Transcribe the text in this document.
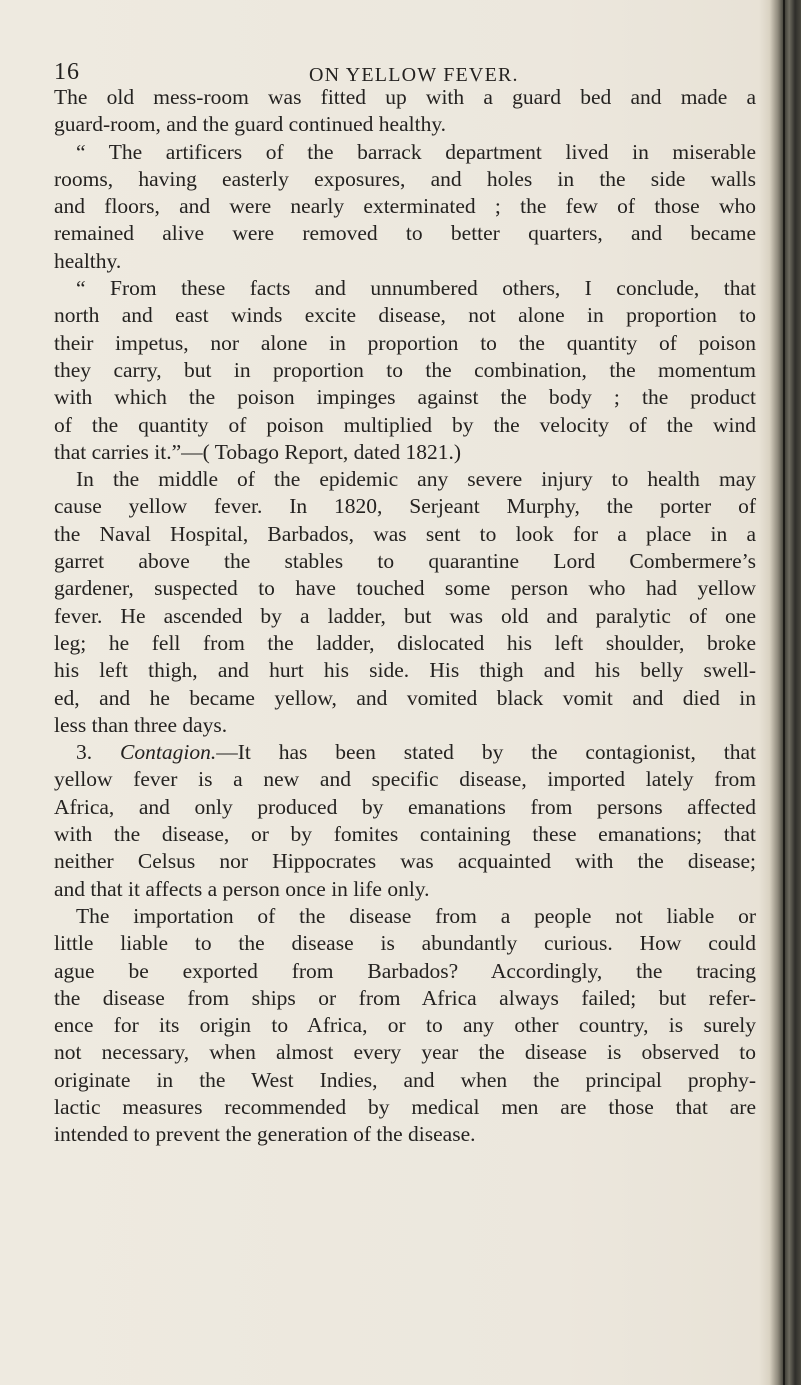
16	ON YELLOW FEVER.
The old mess-room was fitted up with a guard bed and made a
guard-room, and the guard continued healthy.
“ The artificers of the barrack department lived in miserable
rooms, having easterly exposures, and holes in the side walls
and floors, and were nearly exterminated ; the few of those who
remained alive were removed to better quarters, and became
healthy.
“ From these facts and unnumbered others, I conclude, that
north and east winds excite disease, not alone in proportion to
their impetus, nor alone in proportion to the quantity of poison
they carry, but in proportion to the combination, the momentum
with which the poison impinges against the body ; the product
of the quantity of poison multiplied by the velocity of the wind
that carries it.”—( Tobago Report, dated 1821.)
In the middle of the epidemic any severe injury to health may
cause yellow fever. In 1820, Serjeant Murphy, the porter of
the Naval Hospital, Barbados, was sent to look for a place in a
garret above the stables to quarantine Lord Combermere’s
gardener, suspected to have touched some person who had yellow
fever. He ascended by a ladder, but was old and paralytic of one
leg; he fell from the ladder, dislocated his left shoulder, broke
his left thigh, and hurt his side. His thigh and his belly swell-
ed, and he became yellow, and vomited black vomit and died in
less than three days.
3. Contagion.—It has been stated by the contagionist, that
yellow fever is a new and specific disease, imported lately from
Africa, and only produced by emanations from persons affected
with the disease, or by fomites containing these emanations; that
neither Celsus nor Hippocrates was acquainted with the disease;
and that it affects a person once in life only.
The importation of the disease from a people not liable or
little liable to the disease is abundantly curious. How could
ague be exported from Barbados? Accordingly, the tracing
the disease from ships or from Africa always failed; but refer-
ence for its origin to Africa, or to any other country, is surely
not necessary, when almost every year the disease is observed to
originate in the West Indies, and when the principal prophy-
lactic measures recommended by medical men are those that are
intended to prevent the generation of the disease.
